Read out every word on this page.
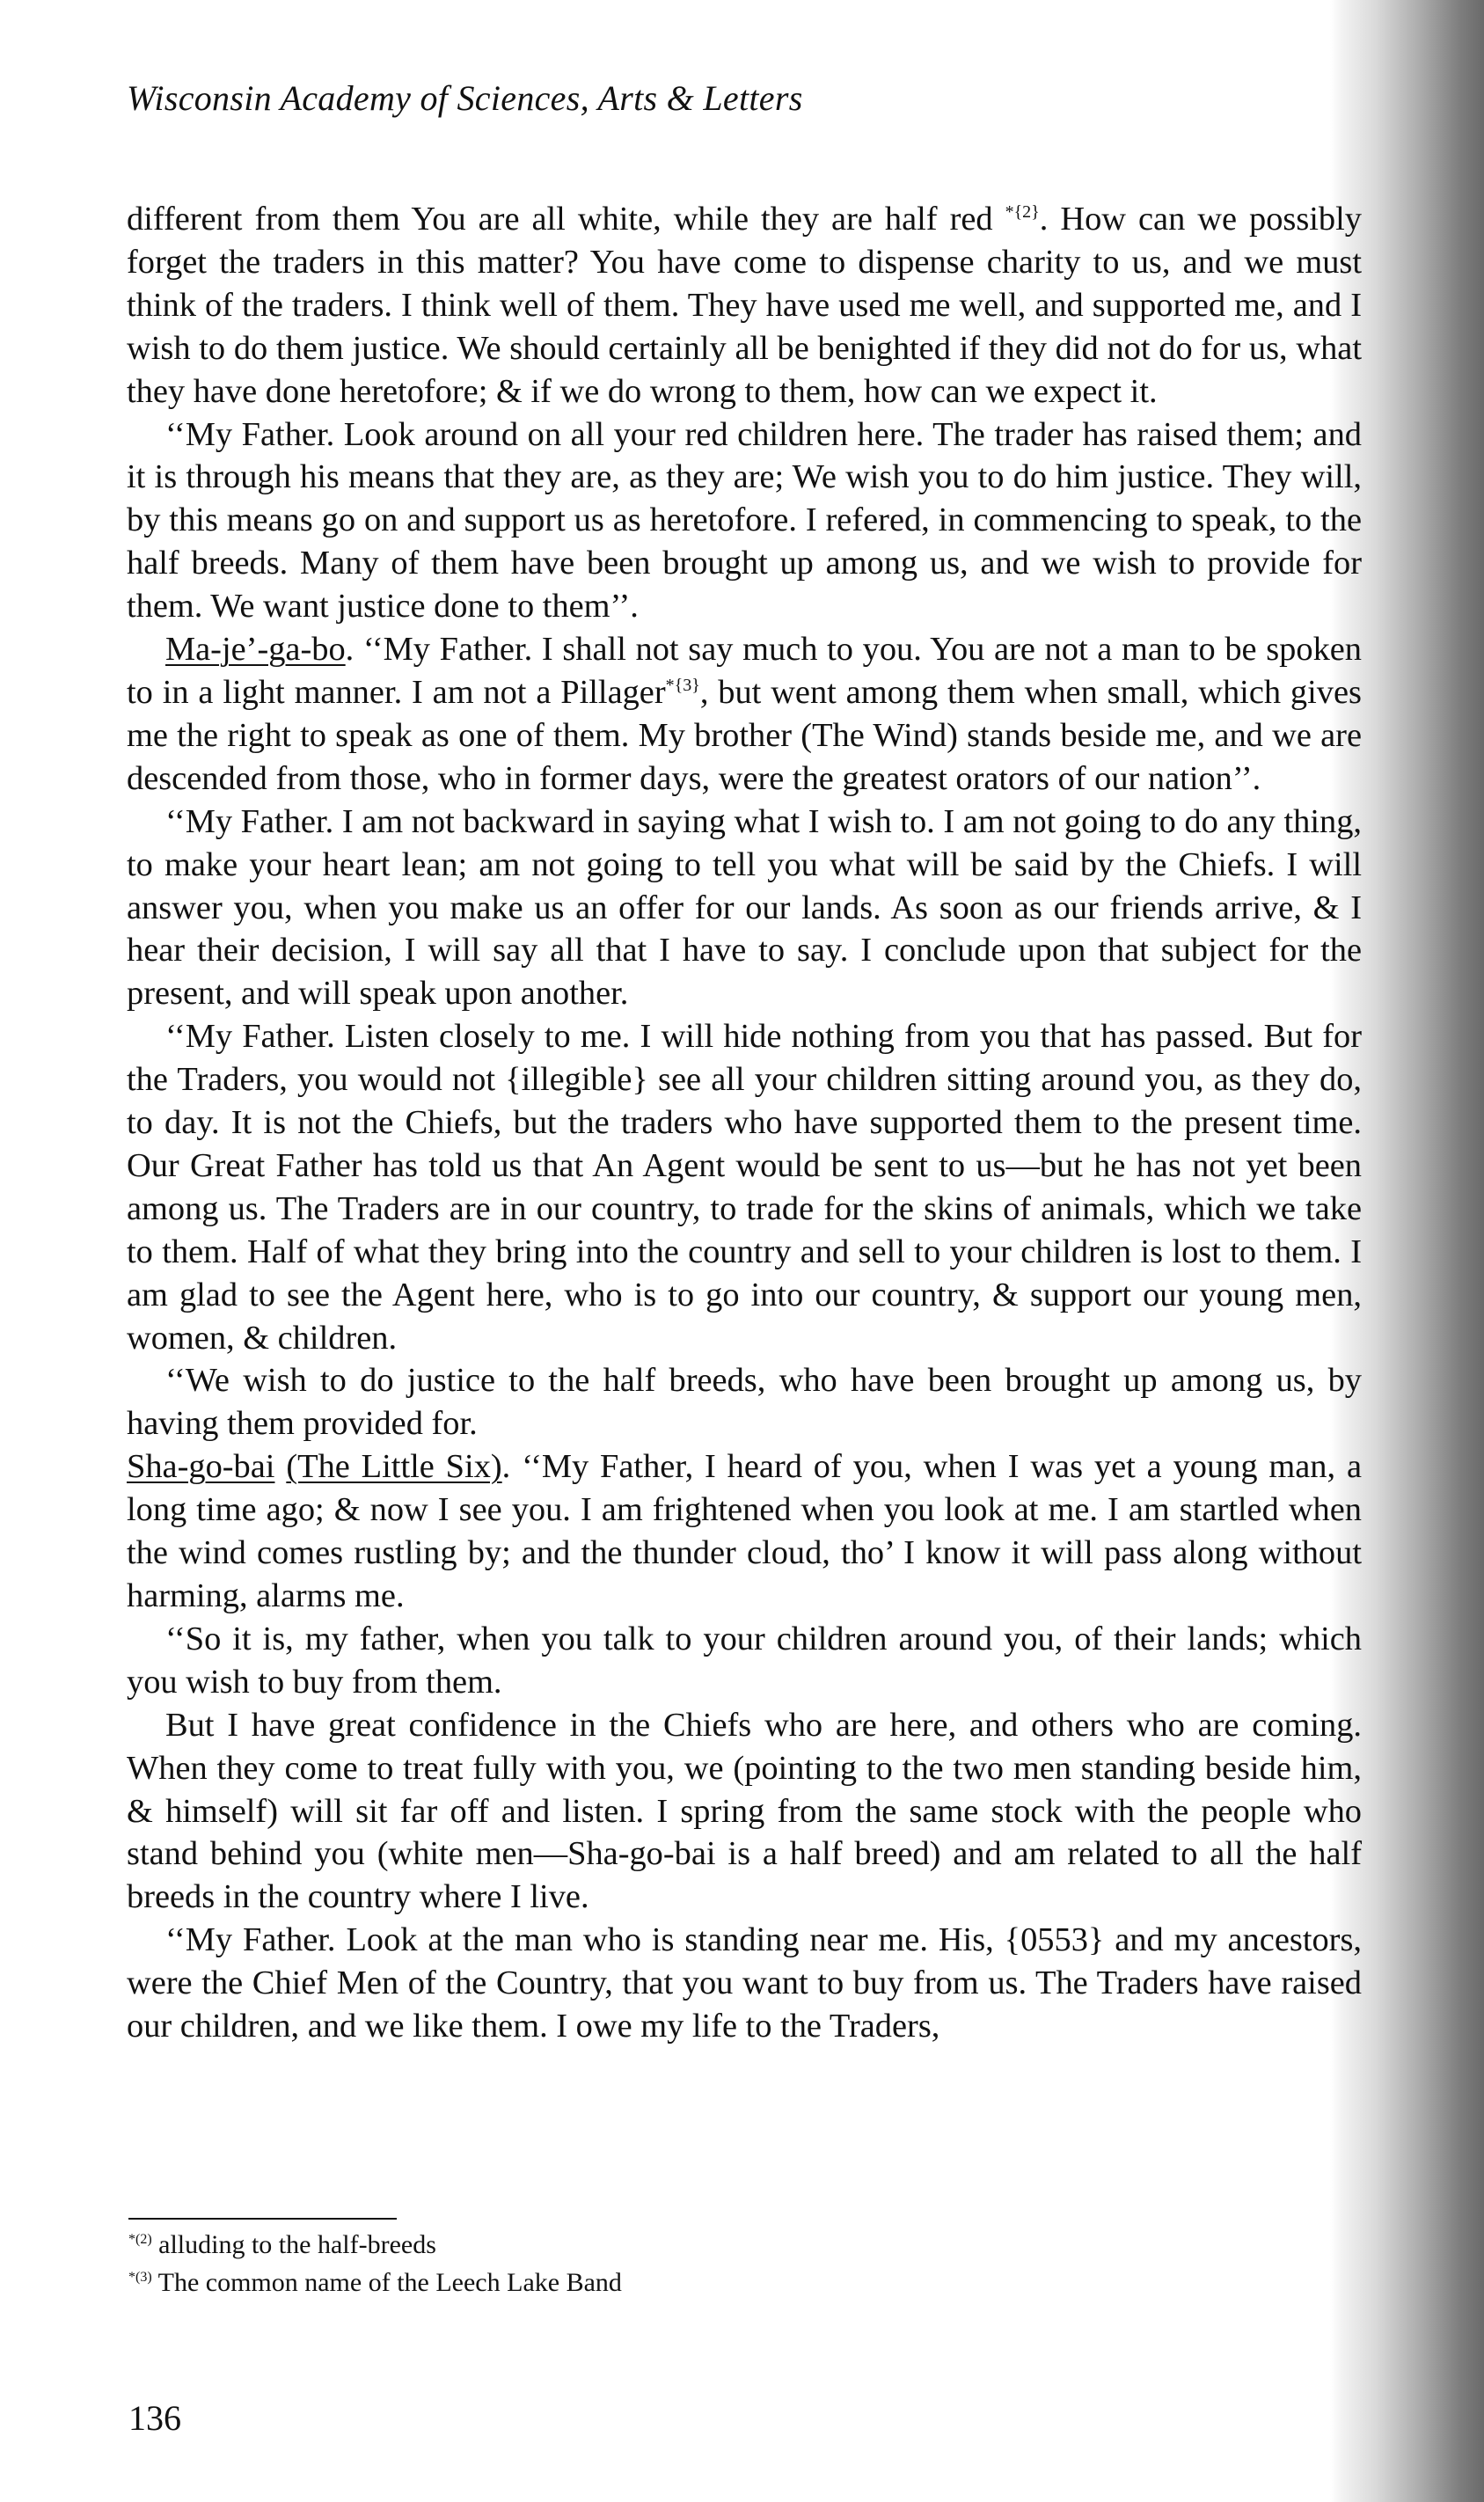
Wisconsin Academy of Sciences, Arts & Letters

different from them You are all white, while they are half red $^{*\{2\}}$. How can we possibly forget the traders in this matter? You have come to dispense charity to us, and we must think of the traders. I think well of them. They have used me well, and supported me, and I wish to do them justice. We should certainly all be benighted if they did not do for us, what they have done heretofore; & if we do wrong to them, how can we expect it.

‘‘My Father. Look around on all your red children here. The trader has raised them; and it is through his means that they are, as they are; We wish you to do him justice. They will, by this means go on and support us as heretofore. I refered, in commencing to speak, to the half breeds. Many of them have been brought up among us, and we wish to provide for them. We want justice done to them’’.

Ma-je’-ga-bo. ‘‘My Father. I shall not say much to you. You are not a man to be spoken to in a light manner. I am not a Pillager$^{*\{3\}}$, but went among them when small, which gives me the right to speak as one of them. My brother (The Wind) stands beside me, and we are descended from those, who in former days, were the greatest orators of our nation’’.

‘‘My Father. I am not backward in saying what I wish to. I am not going to do any thing, to make your heart lean; am not going to tell you what will be said by the Chiefs. I will answer you, when you make us an offer for our lands. As soon as our friends arrive, & I hear their decision, I will say all that I have to say. I conclude upon that subject for the present, and will speak upon another.

‘‘My Father. Listen closely to me. I will hide nothing from you that has passed. But for the Traders, you would not {illegible} see all your children sitting around you, as they do, to day. It is not the Chiefs, but the traders who have supported them to the present time. Our Great Father has told us that An Agent would be sent to us—but he has not yet been among us. The Traders are in our country, to trade for the skins of animals, which we take to them. Half of what they bring into the country and sell to your children is lost to them. I am glad to see the Agent here, who is to go into our country, & support our young men, women, & children.

‘‘We wish to do justice to the half breeds, who have been brought up among us, by having them provided for.

Sha-go-bai (The Little Six). ‘‘My Father, I heard of you, when I was yet a young man, a long time ago; & now I see you. I am frightened when you look at me. I am startled when the wind comes rustling by; and the thunder cloud, tho’ I know it will pass along without harming, alarms me.

‘‘So it is, my father, when you talk to your children around you, of their lands; which you wish to buy from them.

But I have great confidence in the Chiefs who are here, and others who are coming. When they come to treat fully with you, we (pointing to the two men standing beside him, & himself) will sit far off and listen. I spring from the same stock with the people who stand behind you (white men—Sha-go-bai is a half breed) and am related to all the half breeds in the country where I live.

‘‘My Father. Look at the man who is standing near me. His, {0553} and my ancestors, were the Chief Men of the Country, that you want to buy from us. The Traders have raised our children, and we like them. I owe my life to the Traders,

$^{*(2)}$ alluding to the half-breeds
$^{*(3)}$ The common name of the Leech Lake Band
136
